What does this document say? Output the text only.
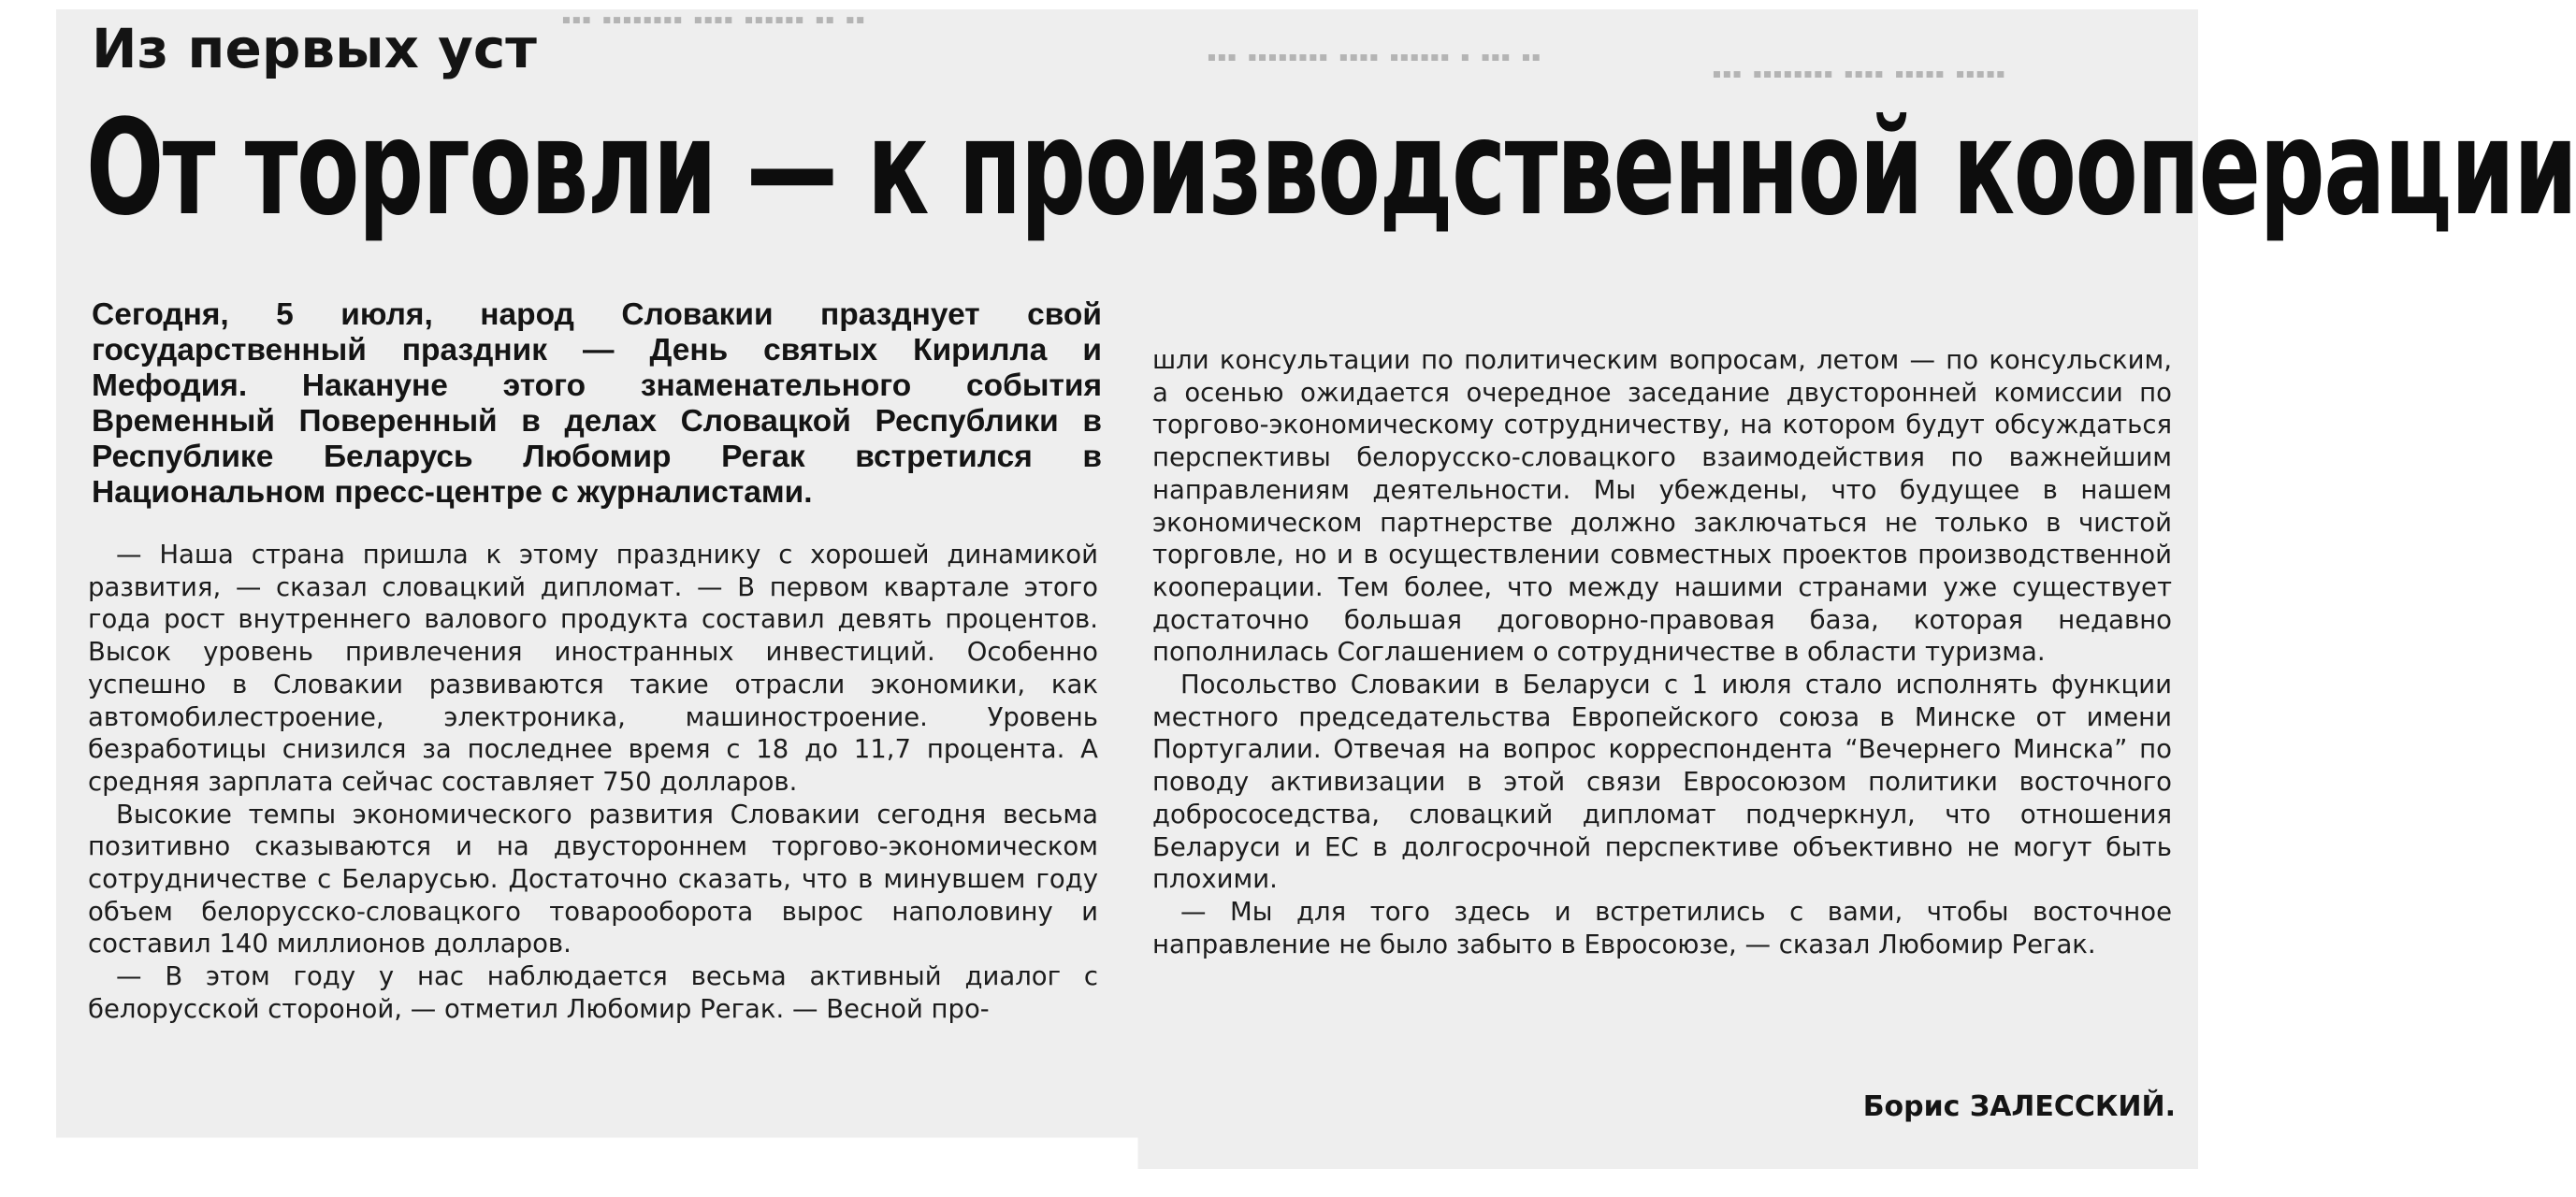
▪▪▪ ▪▪▪▪▪▪▪▪ ▪▪▪▪ ▪▪▪▪▪▪ ▪▪ ▪▪
▪▪▪ ▪▪▪▪▪▪▪▪ ▪▪▪▪ ▪▪▪▪▪▪ ▪ ▪▪▪ ▪▪
▪▪▪ ▪▪▪▪▪▪▪▪ ▪▪▪▪ ▪▪▪▪▪ ▪▪▪▪▪
Из первых уст
От торговли — к производственной кооперации

Сегодня, 5 июля, народ Словакии празднует свой государственный праздник — День святых Кирилла и Мефодия. Накануне этого знаменательного события Временный Поверенный в делах Словацкой Республики в Республике Беларусь Любомир Регак встретился в Национальном пресс-центре с журналистами.

— Наша страна пришла к этому празднику с хорошей динамикой развития, — сказал словацкий дипломат. — В первом квартале этого года рост внутреннего валового продукта составил девять процентов. Высок уровень привлечения иностранных инвестиций. Особенно успешно в Словакии развиваются такие отрасли экономики, как автомобилестроение, электроника, машиностроение. Уровень безработицы снизился за последнее время с 18 до 11,7 процента. А средняя зарплата сейчас составляет 750 долларов.

Высокие темпы экономического развития Словакии сегодня весьма позитивно сказываются и на двустороннем торгово-экономическом сотрудничестве с Беларусью. Достаточно сказать, что в минувшем году объем белорусско-словацкого товарооборота вырос наполовину и составил 140 миллионов долларов.

— В этом году у нас наблюдается весьма активный диалог с белорусской стороной, — отметил Любомир Регак. — Весной про-

шли консультации по политическим вопросам, летом — по консульским, а осенью ожидается очередное заседание двусторонней комиссии по торгово-экономическому сотрудничеству, на котором будут обсуждаться перспективы белорусско-словацкого взаимодействия по важнейшим направлениям деятельности. Мы убеждены, что будущее в нашем экономическом партнерстве должно заключаться не только в чистой торговле, но и в осуществлении совместных проектов производственной кооперации. Тем более, что между нашими странами уже существует достаточно большая договорно-правовая база, которая недавно пополнилась Соглашением о сотрудничестве в области туризма.

Посольство Словакии в Беларуси с 1 июля стало исполнять функции местного председательства Европейского союза в Минске от имени Португалии. Отвечая на вопрос корреспондента “Вечернего Минска” по поводу активизации в этой связи Евросоюзом политики восточного добрососедства, словацкий дипломат подчеркнул, что отношения Беларуси и ЕС в долгосрочной перспективе объективно не могут быть плохими.

— Мы для того здесь и встретились с вами, чтобы восточное направление не было забыто в Евросоюзе, — сказал Любомир Регак.

Борис ЗАЛЕССКИЙ.
